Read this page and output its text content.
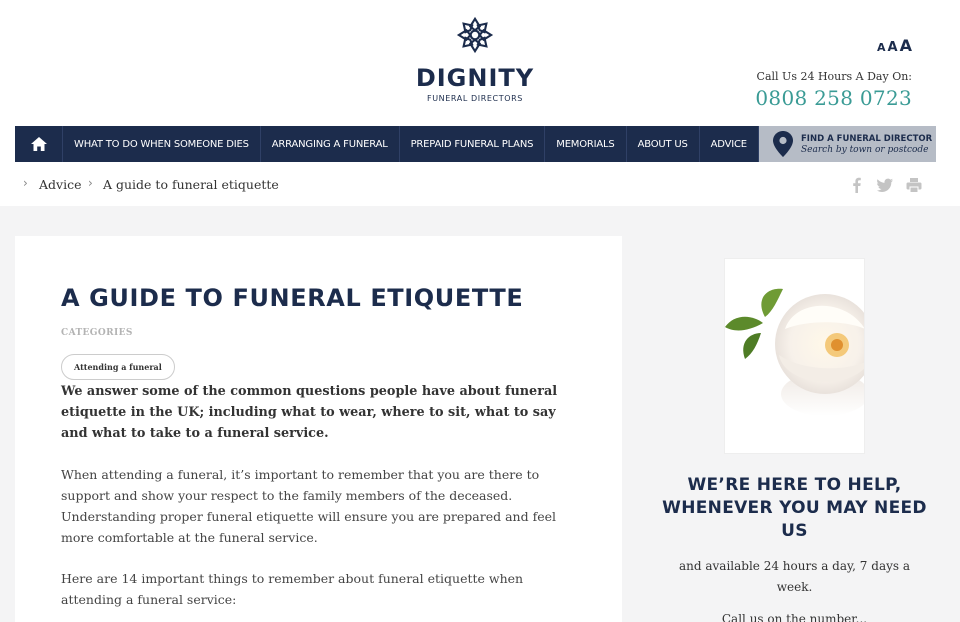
DIGNITY
FUNERAL DIRECTORS
A A A
Call Us 24 Hours A Day On:
0808 258 0723
WHAT TO DO WHEN SOMEONE DIES	ARRANGING A FUNERAL	PREPAID FUNERAL PLANS	MEMORIALS	ABOUT US	ADVICE	FIND A FUNERAL DIRECTOR
Search by town or postcode
› Advice › A guide to funeral etiquette
A GUIDE TO FUNERAL ETIQUETTE
CATEGORIES
Attending a funeral

We answer some of the common questions people have about funeral etiquette in the UK; including what to wear, where to sit, what to say and what to take to a funeral service.

When attending a funeral, it’s important to remember that you are there to support and show your respect to the family members of the deceased. Understanding proper funeral etiquette will ensure you are prepared and feel more comfortable at the funeral service.

Here are 14 important things to remember about funeral etiquette when attending a funeral service:

WE’RE HERE TO HELP, WHENEVER YOU MAY NEED US
and available 24 hours a day, 7 days a week.
Call us on the number...
